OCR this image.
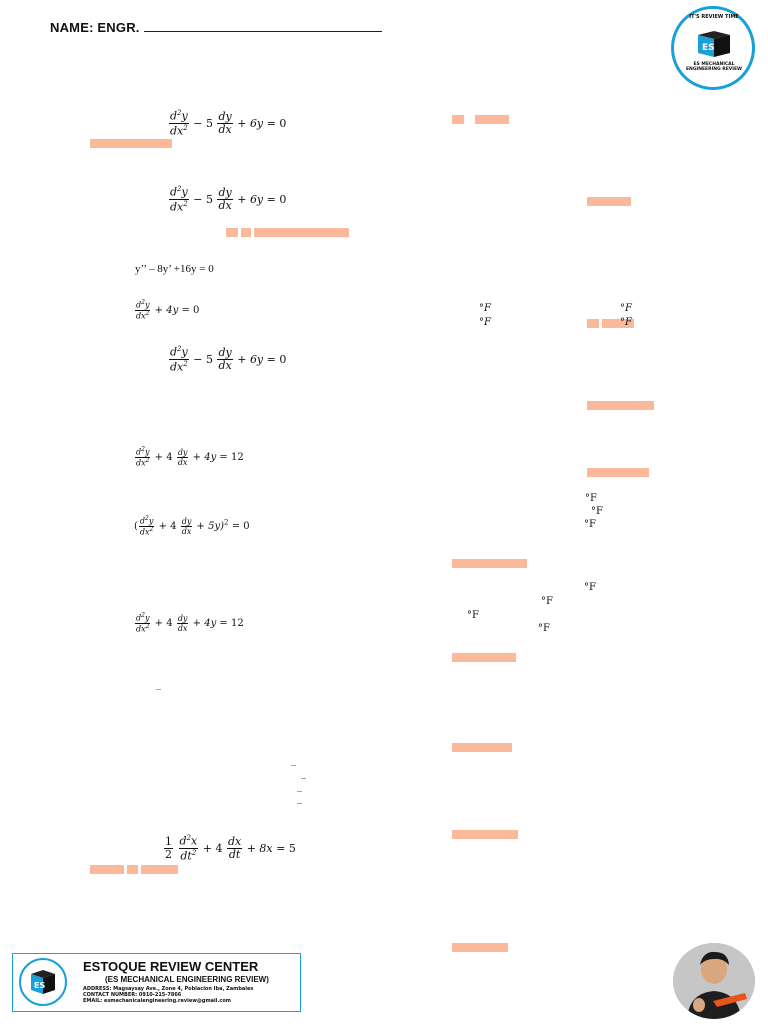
NAME: ENGR.
IT'S REVIEW TIME
ES
ES MECHANICAL
ENGINEERING REVIEW
$\frac{d^2y}{dx^2} - 5 \frac{dy}{dx} + 6y = 0$
$\frac{d^2y}{dx^2} - 5 \frac{dy}{dx} + 6y = 0$
y’’ – 8y’ +16y = 0
$\frac{d^2y}{dx^2} + 4y = 0$	°F	°F
°F	°F
$\frac{d^2y}{dx^2} - 5 \frac{dy}{dx} + 6y = 0$
$\frac{d^2y}{dx^2} + 4 \frac{dy}{dx} + 4y = 12$
°F
°F
°F
( $\frac{d^2y}{dx^2} + 4 \frac{dy}{dx} + 5y)^2 = 0$
°F
°F
°F
°F
$\frac{d^2y}{dx^2} + 4 \frac{dy}{dx} + 4y = 12$
_
_
_
_
_
$\frac{1}{2}$
$\frac{d^2x}{dt^2} + 4 \frac{dx}{dt} + 8x = 5$
ES
ESTOQUE REVIEW CENTER
(ES MECHANICAL ENGINEERING REVIEW)
ADDRESS: Magsaysay Ave., Zone 4, Poblacion Iba, Zambales
CONTACT NUMBER: 0910-215-7866
EMAIL: esmechanicalengineering.review@gmail.com
